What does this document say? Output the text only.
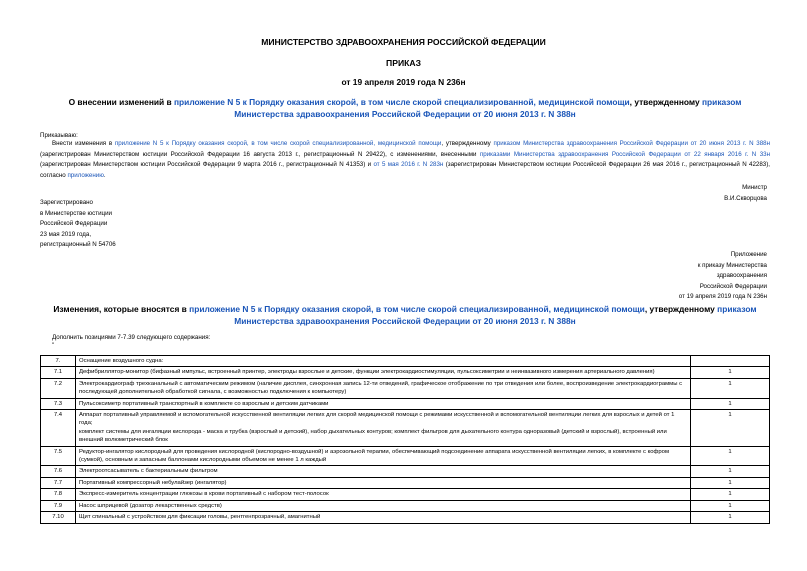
МИНИСТЕРСТВО ЗДРАВООХРАНЕНИЯ РОССИЙСКОЙ ФЕДЕРАЦИИ
ПРИКАЗ
от 19 апреля 2019 года N 236н
О внесении изменений в приложение N 5 к Порядку оказания скорой, в том числе скорой специализированной, медицинской помощи, утвержденному приказом Министерства здравоохранения Российской Федерации от 20 июня 2013 г. N 388н
Приказываю:
Внести изменения в приложение N 5 к Порядку оказания скорой, в том числе скорой специализированной, медицинской помощи, утвержденному приказом Министерства здравоохранения Российской Федерации от 20 июня 2013 г. N 388н (зарегистрирован Министерством юстиции Российской Федерации 16 августа 2013 г., регистрационный N 29422), с изменениями, внесенными приказами Министерства здравоохранения Российской Федерации от 22 января 2016 г. N 33н (зарегистрирован Министерством юстиции Российской Федерации 9 марта 2016 г., регистрационный N 41353) и от 5 мая 2016 г. N 283н (зарегистрирован Министерством юстиции Российской Федерации 26 мая 2016 г., регистрационный N 42283), согласно приложению.
Министр
В.И.Скворцова
Зарегистрировано
в Министерстве юстиции
Российской Федерации
23 мая 2019 года,
регистрационный N 54706
Приложение
к приказу Министерства
здравоохранения
Российской Федерации
от 19 апреля 2019 года N 236н
Изменения, которые вносятся в приложение N 5 к Порядку оказания скорой, в том числе скорой специализированной, медицинской помощи, утвержденному приказом Министерства здравоохранения Российской Федерации от 20 июня 2013 г. N 388н
Дополнить позициями 7-7.39 следующего содержания:
"
7.	Оснащение воздушного судна:	
7.1	Дефибриллятор-монитор (бифазный импульс, встроенный принтер, электроды взрослые и детские, функции электрокардиостимуляции, пульсоксиметрии и неинвазивного измерения артериального давления)	1
7.2	Электрокардиограф трехканальный с автоматическим режимом (наличие дисплея, синхронная запись 12-ти отведений, графическое отображение по три отведения или более, воспроизведение электрокардиограммы с последующей дополнительной обработкой сигнала, с возможностью подключения к компьютеру)	1
7.3	Пульсоксиметр портативный транспортный в комплекте со взрослым и детским датчиками	1
7.4	Аппарат портативный управляемой и вспомогательной искусственной вентиляции легких для скорой медицинской помощи с режимами искусственной и вспомогательной вентиляции легких для взрослых и детей от 1 года;
комплект системы для ингаляции кислорода - маска и трубка (взрослый и детский), набор дыхательных контуров; комплект фильтров для дыхательного контура одноразовый (детский и взрослый), встроенный или внешний волюметрический блок	1
7.5	Редуктор-ингалятор кислородный для проведения кислородной (кислородно-воздушной) и аэрозольной терапии, обеспечивающий подсоединение аппарата искусственной вентиляции легких, в комплекте с кофром (сумкой), основным и запасным баллонами кислородными объемом не менее 1 л каждый	1
7.6	Электроотсасыватель с бактериальным фильтром	1
7.7	Портативный компрессорный небулайзер (ингалятор)	1
7.8	Экспресс-измеритель концентрации глюкозы в крови портативный с набором тест-полосок	1
7.9	Насос шприцевой (дозатор лекарственных средств)	1
7.10	Щит спинальный с устройством для фиксации головы, рентгенпрозрачный, амагнитный	1
